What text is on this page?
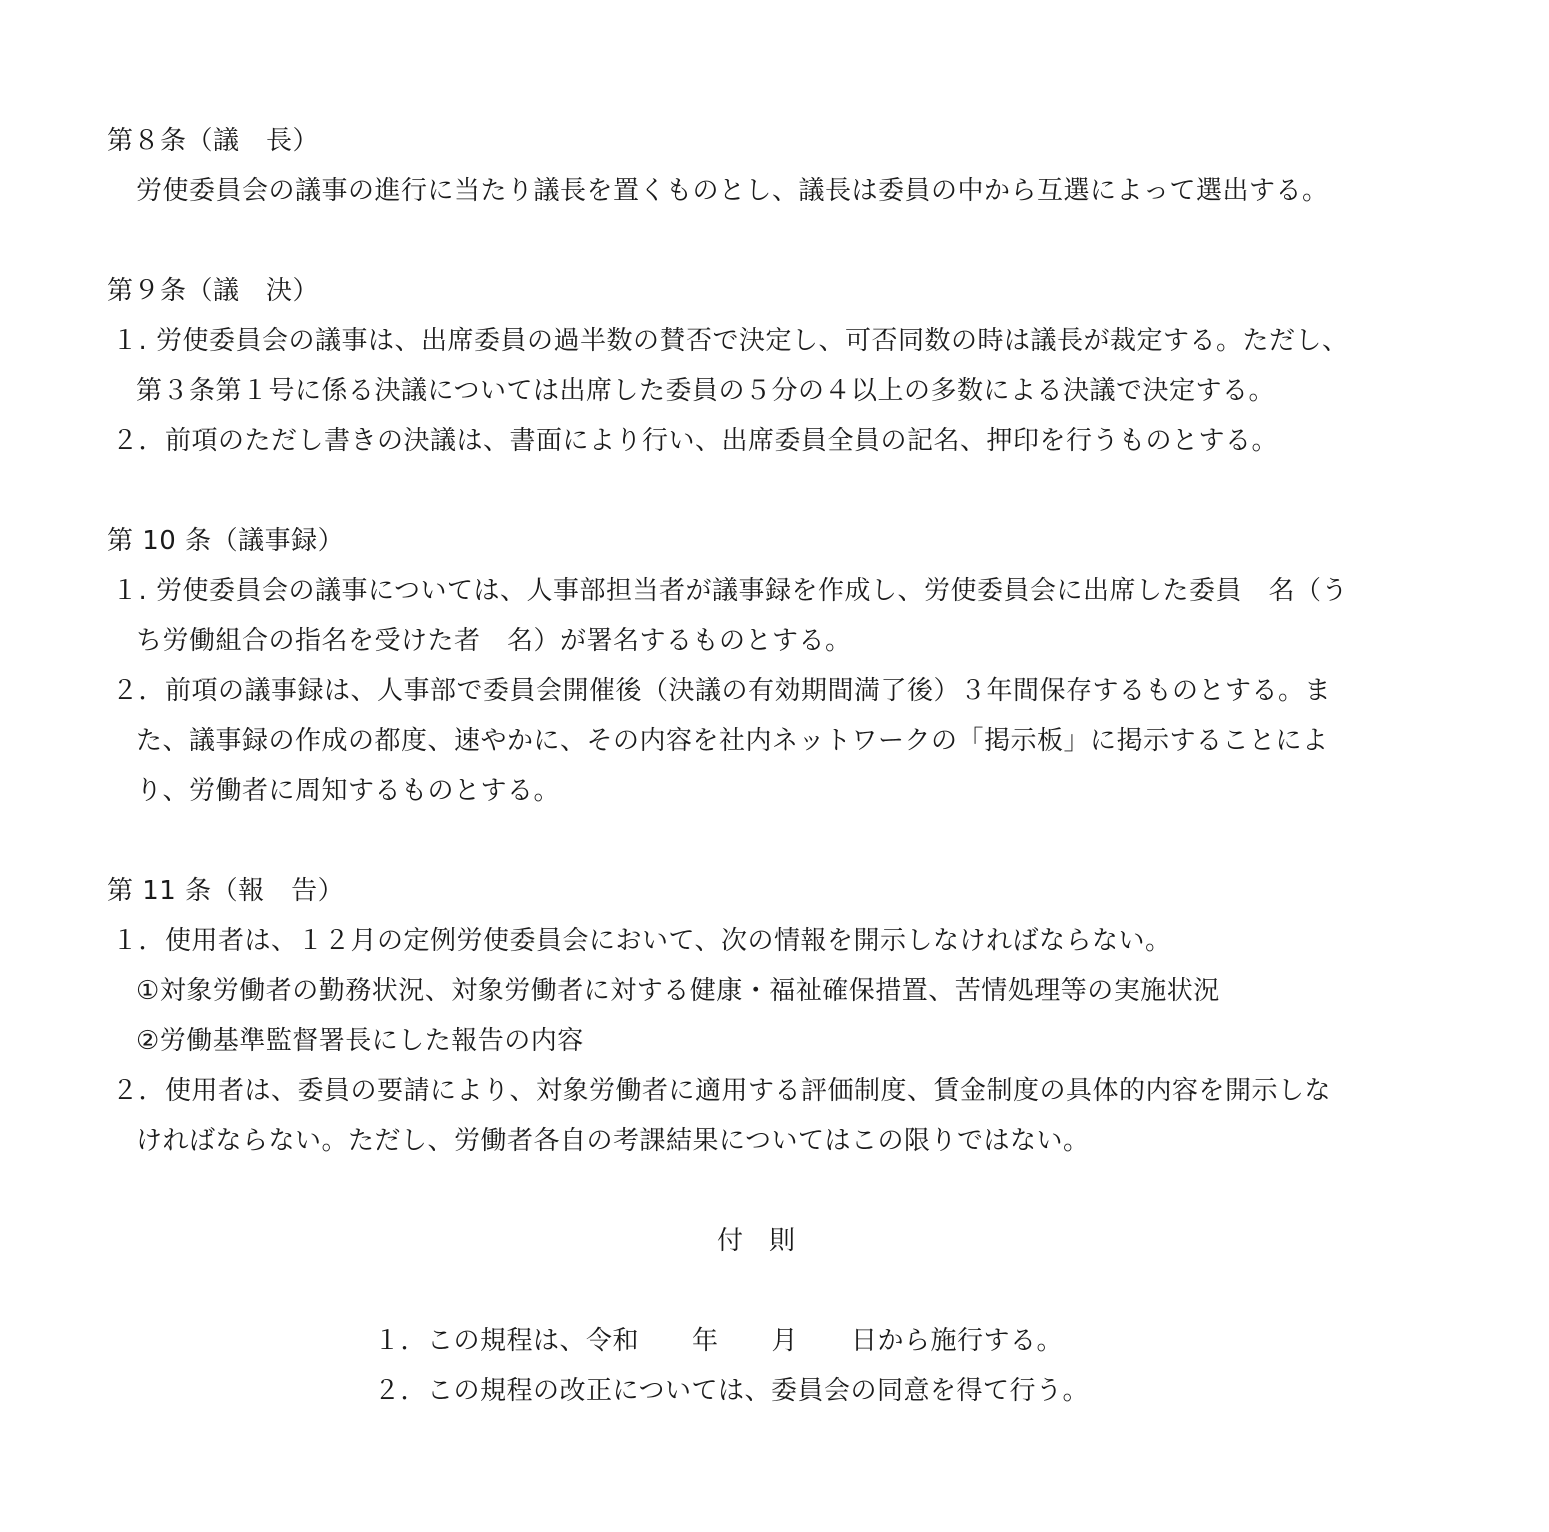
第８条（議　長）
労使委員会の議事の進行に当たり議長を置くものとし、議長は委員の中から互選によって選出する。
第９条（議　決）
１. 労使委員会の議事は、出席委員の過半数の賛否で決定し、可否同数の時は議長が裁定する。ただし、
第３条第１号に係る決議については出席した委員の５分の４以上の多数による決議で決定する。
２．前項のただし書きの決議は、書面により行い、出席委員全員の記名、押印を行うものとする。
第 10 条（議事録）
１. 労使委員会の議事については、人事部担当者が議事録を作成し、労使委員会に出席した委員　名（う
ち労働組合の指名を受けた者　名）が署名するものとする。
２．前項の議事録は、人事部で委員会開催後（決議の有効期間満了後）３年間保存するものとする。ま
た、議事録の作成の都度、速やかに、その内容を社内ネットワークの「掲示板」に掲示することによ
り、労働者に周知するものとする。
第 11 条（報　告）
１．使用者は、１２月の定例労使委員会において、次の情報を開示しなければならない。
①対象労働者の勤務状況、対象労働者に対する健康・福祉確保措置、苦情処理等の実施状況
②労働基準監督署長にした報告の内容
２．使用者は、委員の要請により、対象労働者に適用する評価制度、賃金制度の具体的内容を開示しな
ければならない。ただし、労働者各自の考課結果についてはこの限りではない。
付則
１．この規程は、令和　　年　　月　　日から施行する。
２．この規程の改正については、委員会の同意を得て行う。
